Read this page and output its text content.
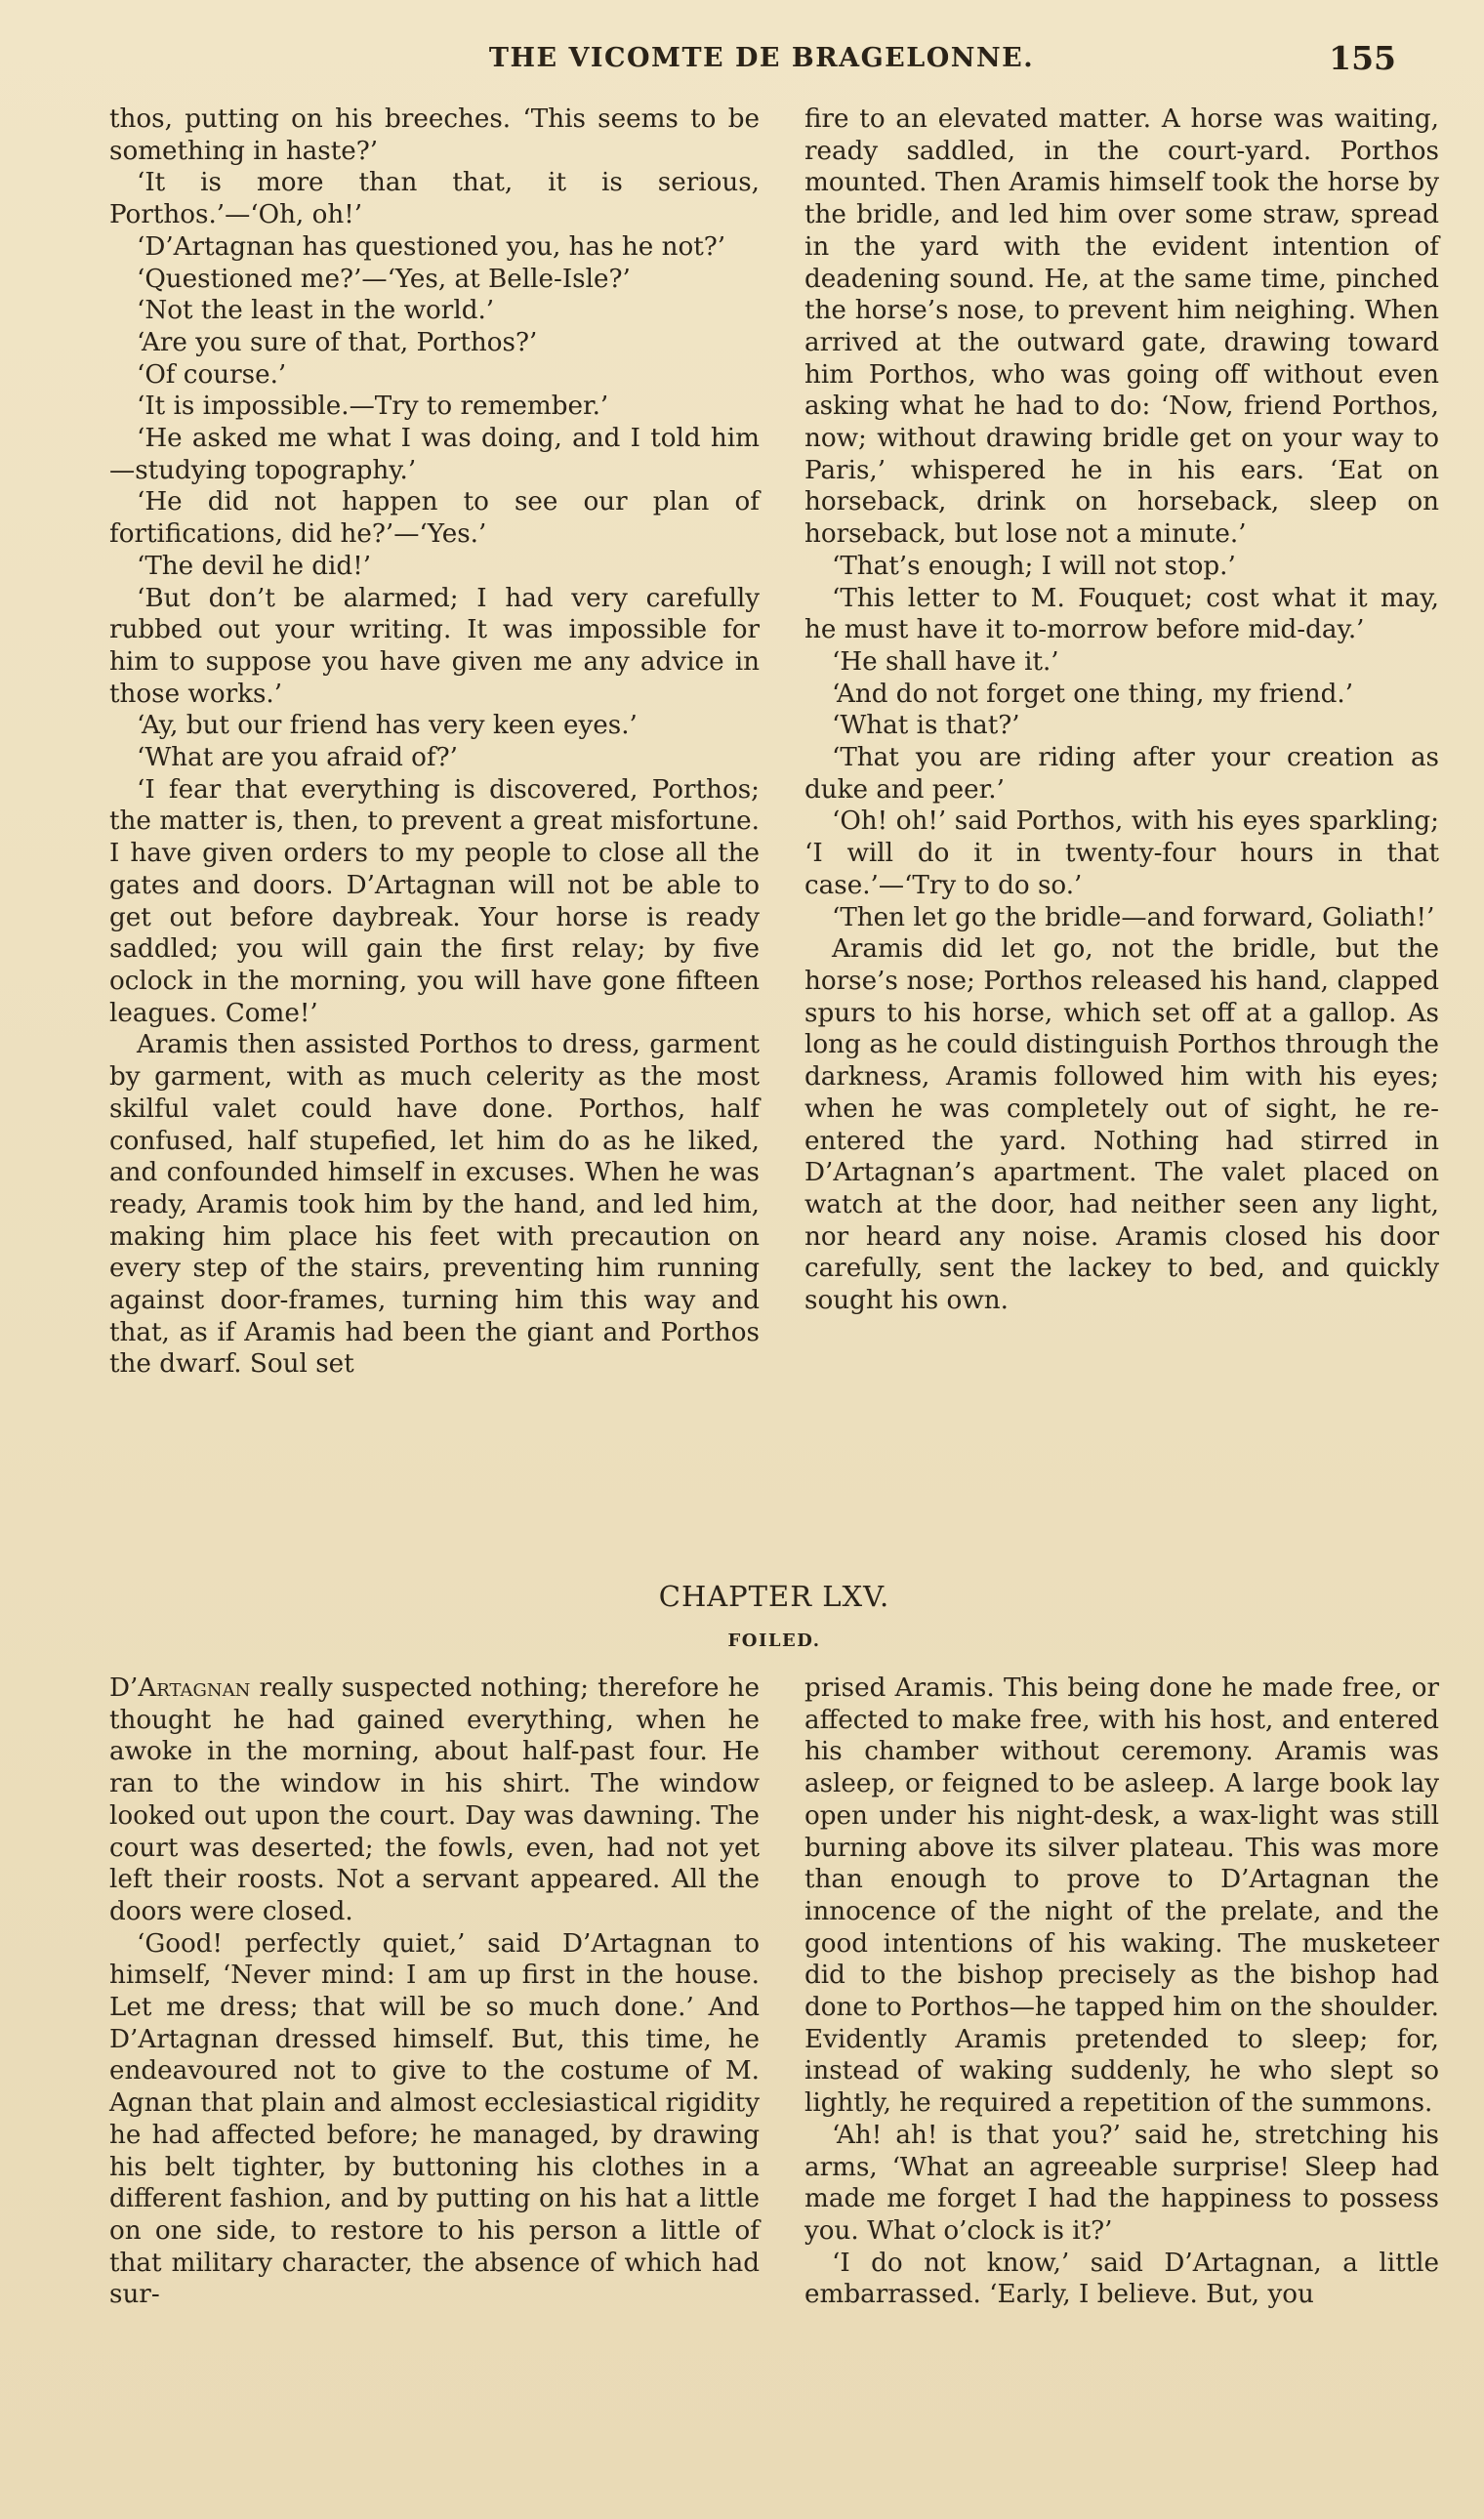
THE VICOMTE DE BRAGELONNE.	155

thos, putting on his breeches. ‘This seems to be something in haste?’

‘It is more than that, it is serious, Porthos.’—‘Oh, oh!’

‘D’Artagnan has questioned you, has he not?’

‘Questioned me?’—‘Yes, at Belle-Isle?’

‘Not the least in the world.’

‘Are you sure of that, Porthos?’

‘Of course.’

‘It is impossible.—Try to remember.’

‘He asked me what I was doing, and I told him—studying topography.’

‘He did not happen to see our plan of fortifications, did he?’—‘Yes.’

‘The devil he did!’

‘But don’t be alarmed; I had very carefully rubbed out your writing. It was impossible for him to suppose you have given me any advice in those works.’

‘Ay, but our friend has very keen eyes.’

‘What are you afraid of?’

‘I fear that everything is discovered, Porthos; the matter is, then, to prevent a great misfortune. I have given orders to my people to close all the gates and doors. D’Artagnan will not be able to get out before daybreak. Your horse is ready saddled; you will gain the first relay; by five oclock in the morning, you will have gone fifteen leagues. Come!’

Aramis then assisted Porthos to dress, garment by garment, with as much celerity as the most skilful valet could have done. Porthos, half confused, half stupefied, let him do as he liked, and confounded himself in excuses. When he was ready, Aramis took him by the hand, and led him, making him place his feet with precaution on every step of the stairs, preventing him running against door-frames, turning him this way and that, as if Aramis had been the giant and Porthos the dwarf. Soul set

fire to an elevated matter. A horse was waiting, ready saddled, in the court-yard. Porthos mounted. Then Aramis himself took the horse by the bridle, and led him over some straw, spread in the yard with the evident intention of deadening sound. He, at the same time, pinched the horse’s nose, to prevent him neighing. When arrived at the outward gate, drawing toward him Porthos, who was going off without even asking what he had to do: ‘Now, friend Porthos, now; without drawing bridle get on your way to Paris,’ whispered he in his ears. ‘Eat on horseback, drink on horseback, sleep on horseback, but lose not a minute.’

‘That’s enough; I will not stop.’

‘This letter to M. Fouquet; cost what it may, he must have it to-morrow before mid-day.’

‘He shall have it.’

‘And do not forget one thing, my friend.’

‘What is that?’

‘That you are riding after your creation as duke and peer.’

‘Oh! oh!’ said Porthos, with his eyes sparkling; ‘I will do it in twenty-four hours in that case.’—‘Try to do so.’

‘Then let go the bridle—and forward, Goliath!’

Aramis did let go, not the bridle, but the horse’s nose; Porthos released his hand, clapped spurs to his horse, which set off at a gallop. As long as he could distinguish Porthos through the darkness, Aramis followed him with his eyes; when he was completely out of sight, he re-entered the yard. Nothing had stirred in D’Artagnan’s apartment. The valet placed on watch at the door, had neither seen any light, nor heard any noise. Aramis closed his door carefully, sent the lackey to bed, and quickly sought his own.

CHAPTER LXV.
FOILED.

D’Artagnan really suspected nothing; therefore he thought he had gained everything, when he awoke in the morning, about half-past four. He ran to the window in his shirt. The window looked out upon the court. Day was dawning. The court was deserted; the fowls, even, had not yet left their roosts. Not a servant appeared. All the doors were closed.

‘Good! perfectly quiet,’ said D’Artagnan to himself, ‘Never mind: I am up first in the house. Let me dress; that will be so much done.’ And D’Artagnan dressed himself. But, this time, he endeavoured not to give to the costume of M. Agnan that plain and almost ecclesiastical rigidity he had affected before; he managed, by drawing his belt tighter, by buttoning his clothes in a different fashion, and by putting on his hat a little on one side, to restore to his person a little of that military character, the absence of which had sur-

prised Aramis. This being done he made free, or affected to make free, with his host, and entered his chamber without ceremony. Aramis was asleep, or feigned to be asleep. A large book lay open under his night-desk, a wax-light was still burning above its silver plateau. This was more than enough to prove to D’Artagnan the innocence of the night of the prelate, and the good intentions of his waking. The musketeer did to the bishop precisely as the bishop had done to Porthos—he tapped him on the shoulder. Evidently Aramis pretended to sleep; for, instead of waking suddenly, he who slept so lightly, he required a repetition of the summons.

‘Ah! ah! is that you?’ said he, stretching his arms, ‘What an agreeable surprise! Sleep had made me forget I had the happiness to possess you. What o’clock is it?’

‘I do not know,’ said D’Artagnan, a little embarrassed. ‘Early, I believe. But, you
